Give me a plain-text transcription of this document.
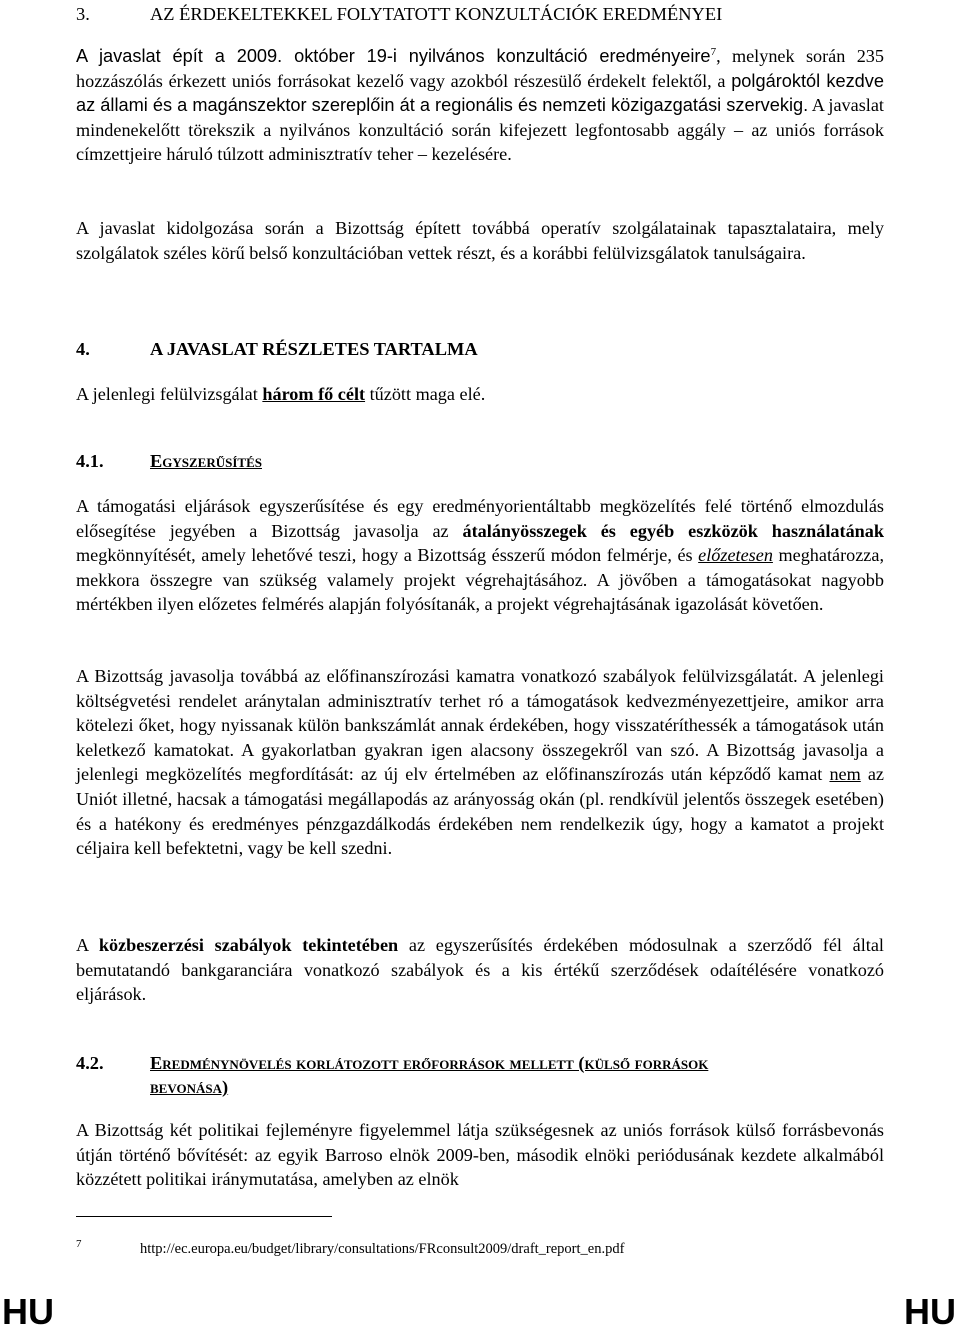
3.	AZ ÉRDEKELTEKKEL FOLYTATOTT KONZULTÁCIÓK EREDMÉNYEI

A javaslat épít a 2009. október 19-i nyilvános konzultáció eredményeire$^7$, melynek során 235 hozzászólás érkezett uniós forrásokat kezelő vagy azokból részesülő érdekelt felektől, a polgároktól kezdve az állami és a magánszektor szereplőin át a regionális és nemzeti közigazgatási szervekig. A javaslat mindenekelőtt törekszik a nyilvános konzultáció során kifejezett legfontosabb aggály – az uniós források címzettjeire háruló túlzott adminisztratív teher – kezelésére.

A javaslat kidolgozása során a Bizottság épített továbbá operatív szolgálatainak tapasztalataira, mely szolgálatok széles körű belső konzultációban vettek részt, és a korábbi felülvizsgálatok tanulságaira.

4.	A JAVASLAT RÉSZLETES TARTALMA

A jelenlegi felülvizsgálat három fő célt tűzött maga elé.

4.1.	Egyszerűsítés

A támogatási eljárások egyszerűsítése és egy eredményorientáltabb megközelítés felé történő elmozdulás elősegítése jegyében a Bizottság javasolja az átalányösszegek és egyéb eszközök használatának megkönnyítését, amely lehetővé teszi, hogy a Bizottság ésszerű módon felmérje, és előzetesen meghatározza, mekkora összegre van szükség valamely projekt végrehajtásához. A jövőben a támogatásokat nagyobb mértékben ilyen előzetes felmérés alapján folyósítanák, a projekt végrehajtásának igazolását követően.

A Bizottság javasolja továbbá az előfinanszírozási kamatra vonatkozó szabályok felülvizsgálatát. A jelenlegi költségvetési rendelet aránytalan adminisztratív terhet ró a támogatások kedvezményezettjeire, amikor arra kötelezi őket, hogy nyissanak külön bankszámlát annak érdekében, hogy visszatéríthessék a támogatások után keletkező kamatokat. A gyakorlatban gyakran igen alacsony összegekről van szó. A Bizottság javasolja a jelenlegi megközelítés megfordítását: az új elv értelmében az előfinanszírozás után képződő kamat nem az Uniót illetné, hacsak a támogatási megállapodás az arányosság okán (pl. rendkívül jelentős összegek esetében) és a hatékony és eredményes pénzgazdálkodás érdekében nem rendelkezik úgy, hogy a kamatot a projekt céljaira kell befektetni, vagy be kell szedni.

A közbeszerzési szabályok tekintetében az egyszerűsítés érdekében módosulnak a szerződő fél által bemutatandó bankgaranciára vonatkozó szabályok és a kis értékű szerződések odaítélésére vonatkozó eljárások.

4.2.	Eredménynövelés korlátozott erőforrások mellett (külső források
bevonása)

A Bizottság két politikai fejleményre figyelemmel látja szükségesnek az uniós források külső forrásbevonás útján történő bővítését: az egyik Barroso elnök 2009-ben, második elnöki periódusának kezdete alkalmából közzétett politikai iránymutatása, amelyben az elnök

7	http://ec.europa.eu/budget/library/consultations/FRconsult2009/draft_report_en.pdf
HU	HU
